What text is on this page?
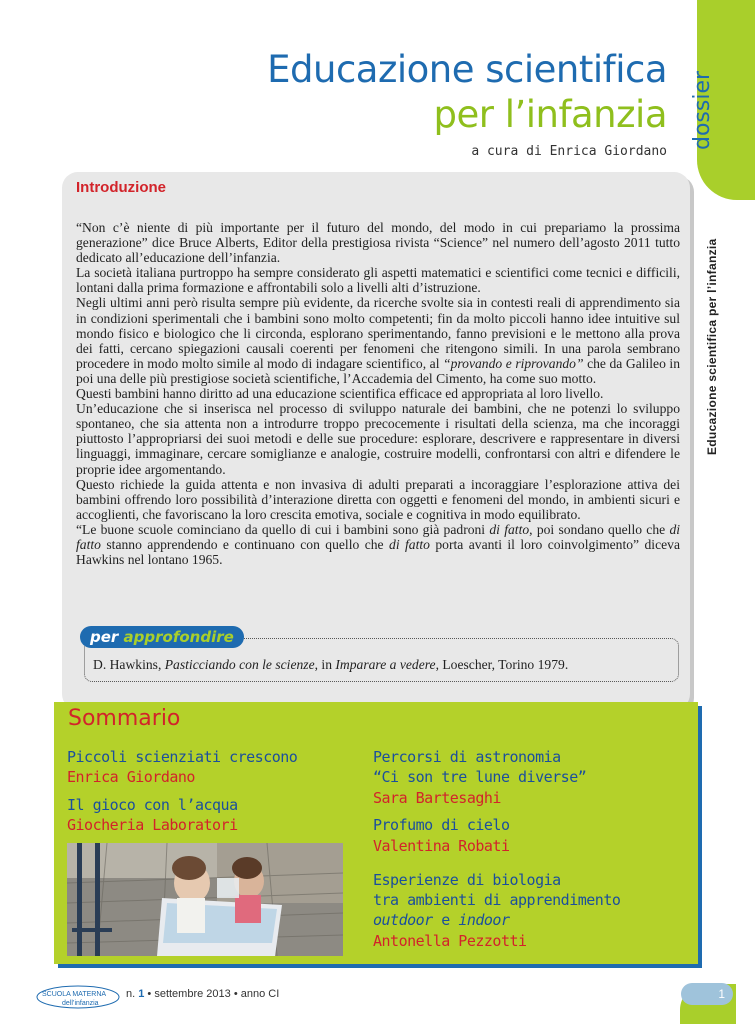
dossier
Educazione scientifica per l’infanzia
Educazione scientifica
per l’infanzia
a cura di Enrica Giordano
Introduzione

“Non c’è niente di più importante per il futuro del mondo, del modo in cui prepariamo la prossima generazione” dice Bruce Alberts, Editor della prestigiosa rivista “Science” nel numero dell’agosto 2011 tutto dedicato all’educazione dell’infanzia.

La società italiana purtroppo ha sempre considerato gli aspetti matematici e scientifici come tecnici e difficili, lontani dalla prima formazione e affrontabili solo a livelli alti d’istruzione.

Negli ultimi anni però risulta sempre più evidente, da ricerche svolte sia in contesti reali di apprendimento sia in condizioni sperimentali che i bambini sono molto competenti; fin da molto piccoli hanno idee intuitive sul mondo fisico e biologico che li circonda, esplorano sperimentando, fanno previsioni e le mettono alla prova dei fatti, cercano spiegazioni causali coerenti per fenomeni che ritengono simili. In una parola sembrano procedere in modo molto simile al modo di indagare scientifico, al “provando e riprovando” che da Galileo in poi una delle più prestigiose società scientifiche, l’Accademia del Cimento, ha come suo motto.

Questi bambini hanno diritto ad una educazione scientifica efficace ed appropriata al loro livello.

Un’educazione che si inserisca nel processo di sviluppo naturale dei bambini, che ne potenzi lo sviluppo spontaneo, che sia attenta non a introdurre troppo precocemente i risultati della scienza, ma che incoraggi piuttosto l’appropriarsi dei suoi metodi e delle sue procedure: esplorare, descrivere e rappresentare in diversi linguaggi, immaginare, cercare somiglianze e analogie, costruire modelli, confrontarsi con altri e difendere le proprie idee argomentando.

Questo richiede la guida attenta e non invasiva di adulti preparati a incoraggiare l’esplorazione attiva dei bambini offrendo loro possibilità d’interazione diretta con oggetti e fenomeni del mondo, in ambienti sicuri e accoglienti, che favoriscano la loro crescita emotiva, sociale e cognitiva in modo equilibrato.

“Le buone scuole cominciano da quello di cui i bambini sono già padroni di fatto, poi sondano quello che di fatto stanno apprendendo e continuano con quello che di fatto porta avanti il loro coinvolgimento” diceva Hawkins nel lontano 1965.

per approfondire
D. Hawkins, Pasticciando con le scienze, in Imparare a vedere, Loescher, Torino 1979.
Sommario
Piccoli scienziati crescono
Enrica Giordano
Il gioco con l’acqua
Giocheria Laboratori
Percorsi di astronomia
“Ci son tre lune diverse”
Sara Bartesaghi
Profumo di cielo
Valentina Robati
Esperienze di biologia
tra ambienti di apprendimento
outdoor e indoor
Antonella Pezzotti
SCUOLA MATERNA
dell’infanzia
n. 1 • settembre 2013 • anno CI	1
